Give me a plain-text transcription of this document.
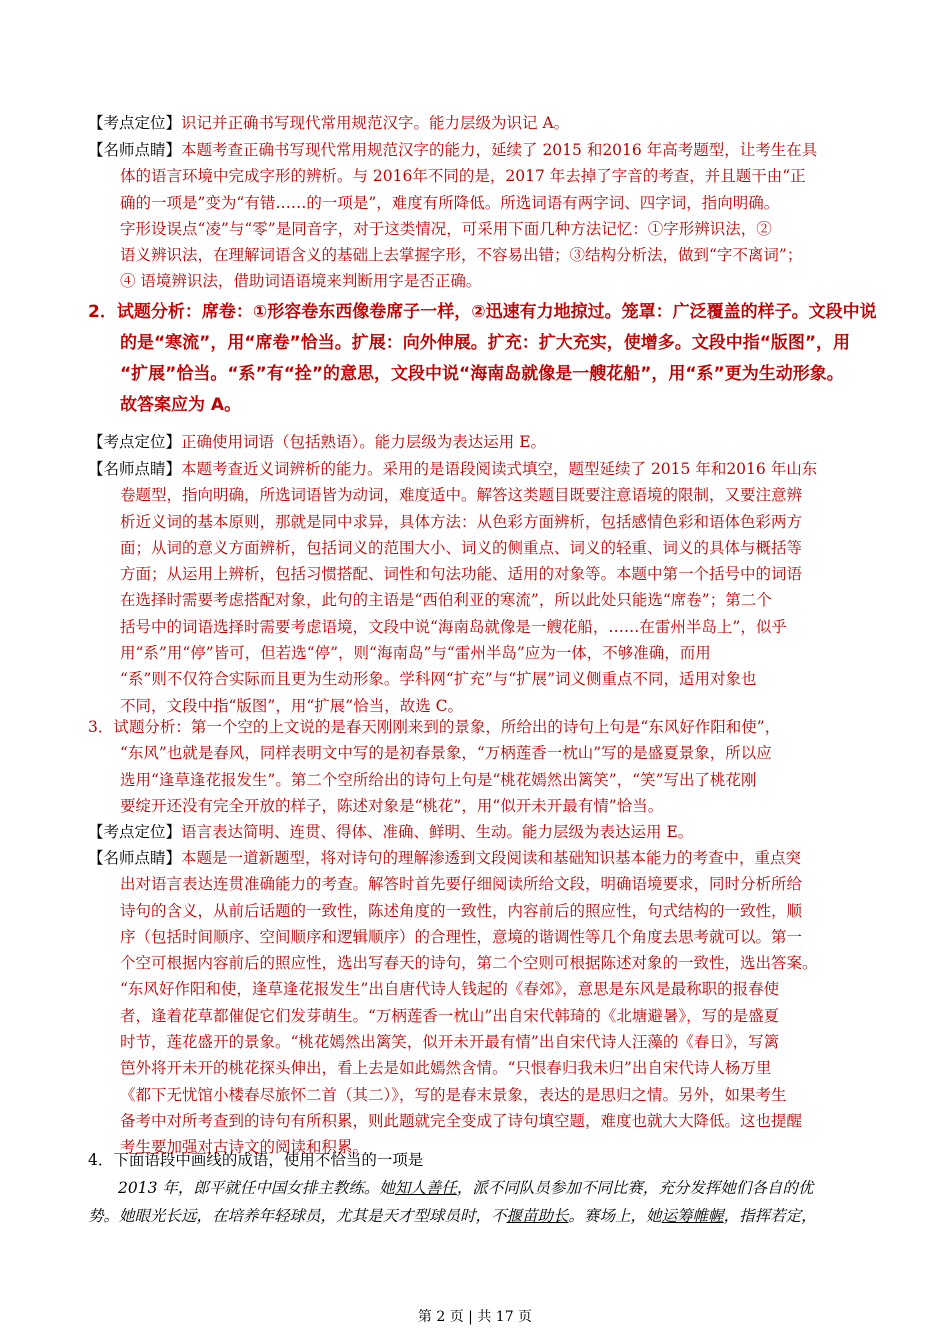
【考点定位】识记并正确书写现代常用规范汉字。能力层级为识记 A。
【名师点睛】本题考查正确书写现代常用规范汉字的能力，延续了 2015 和2016 年高考题型，让考生在具
体的语言环境中完成字形的辨析。与 2016年不同的是，2017 年去掉了字音的考查，并且题干由“正
确的一项是”变为“有错……的一项是”，难度有所降低。所选词语有两字词、四字词，指向明确。
字形设误点“凌”与“零”是同音字，对于这类情况，可采用下面几种方法记忆：①字形辨识法，②
语义辨识法，在理解词语含义的基础上去掌握字形，不容易出错；③结构分析法，做到“字不离词”；
④ 语境辨识法，借助词语语境来判断用字是否正确。
2．试题分析：席卷：①形容卷东西像卷席子一样，②迅速有力地掠过。笼罩：广泛覆盖的样子。文段中说
的是“寒流”，用“席卷”恰当。扩展：向外伸展。扩充：扩大充实，使增多。文段中指“版图”，用
“扩展”恰当。“系”有“拴”的意思，文段中说“海南岛就像是一艘花船”，用“系”更为生动形象。
故答案应为 A。
【考点定位】正确使用词语（包括熟语）。能力层级为表达运用 E。
【名师点睛】本题考查近义词辨析的能力。采用的是语段阅读式填空，题型延续了 2015 年和2016 年山东
卷题型，指向明确，所选词语皆为动词，难度适中。解答这类题目既要注意语境的限制，又要注意辨
析近义词的基本原则，那就是同中求异，具体方法：从色彩方面辨析，包括感情色彩和语体色彩两方
面；从词的意义方面辨析，包括词义的范围大小、词义的侧重点、词义的轻重、词义的具体与概括等
方面；从运用上辨析，包括习惯搭配、词性和句法功能、适用的对象等。本题中第一个括号中的词语
在选择时需要考虑搭配对象，此句的主语是“西伯利亚的寒流”，所以此处只能选“席卷”；第二个
括号中的词语选择时需要考虑语境，文段中说“海南岛就像是一艘花船，……在雷州半岛上”，似乎
用“系”用“停”皆可，但若选“停”，则“海南岛”与“雷州半岛”应为一体，不够准确，而用
“系”则不仅符合实际而且更为生动形象。学科网“扩充”与“扩展”词义侧重点不同，适用对象也
不同，文段中指“版图”，用“扩展”恰当，故选 C。
3．试题分析：第一个空的上文说的是春天刚刚来到的景象，所给出的诗句上句是“东风好作阳和使”，
“东风”也就是春风，同样表明文中写的是初春景象，“万柄莲香一枕山”写的是盛夏景象，所以应
选用“逢草逢花报发生”。第二个空所给出的诗句上句是“桃花嫣然出篱笑”，“笑”写出了桃花刚
要绽开还没有完全开放的样子，陈述对象是“桃花”，用“似开未开最有情”恰当。
【考点定位】语言表达简明、连贯、得体、准确、鲜明、生动。能力层级为表达运用 E。
【名师点睛】本题是一道新题型，将对诗句的理解渗透到文段阅读和基础知识基本能力的考查中，重点突
出对语言表达连贯准确能力的考查。解答时首先要仔细阅读所给文段，明确语境要求，同时分析所给
诗句的含义，从前后话题的一致性，陈述角度的一致性，内容前后的照应性，句式结构的一致性，顺
序（包括时间顺序、空间顺序和逻辑顺序）的合理性，意境的谐调性等几个角度去思考就可以。第一
个空可根据内容前后的照应性，选出写春天的诗句，第二个空则可根据陈述对象的一致性，选出答案。
“东风好作阳和使，逢草逢花报发生”出自唐代诗人钱起的《春郊》，意思是东风是最称职的报春使
者，逢着花草都催促它们发芽萌生。“万柄莲香一枕山”出自宋代韩琦的《北塘避暑》，写的是盛夏
时节，莲花盛开的景象。“桃花嫣然出篱笑，似开未开最有情”出自宋代诗人汪藻的《春日》，写篱
笆外将开未开的桃花探头伸出，看上去是如此嫣然含情。“只恨春归我未归”出自宋代诗人杨万里
《都下无忧馆小楼春尽旅怀二首（其二）》，写的是春末景象，表达的是思归之情。另外，如果考生
备考中对所考查到的诗句有所积累，则此题就完全变成了诗句填空题，难度也就大大降低。这也提醒
考生要加强对古诗文的阅读和积累。
4．下面语段中画线的成语，使用不恰当的一项是
2013 年，郎平就任中国女排主教练。她知人善任，派不同队员参加不同比赛，充分发挥她们各自的优
势。她眼光长远，在培养年轻球员，尤其是天才型球员时，不揠苗助长。赛场上，她运筹帷幄，指挥若定，
第 2 页 | 共 17 页
